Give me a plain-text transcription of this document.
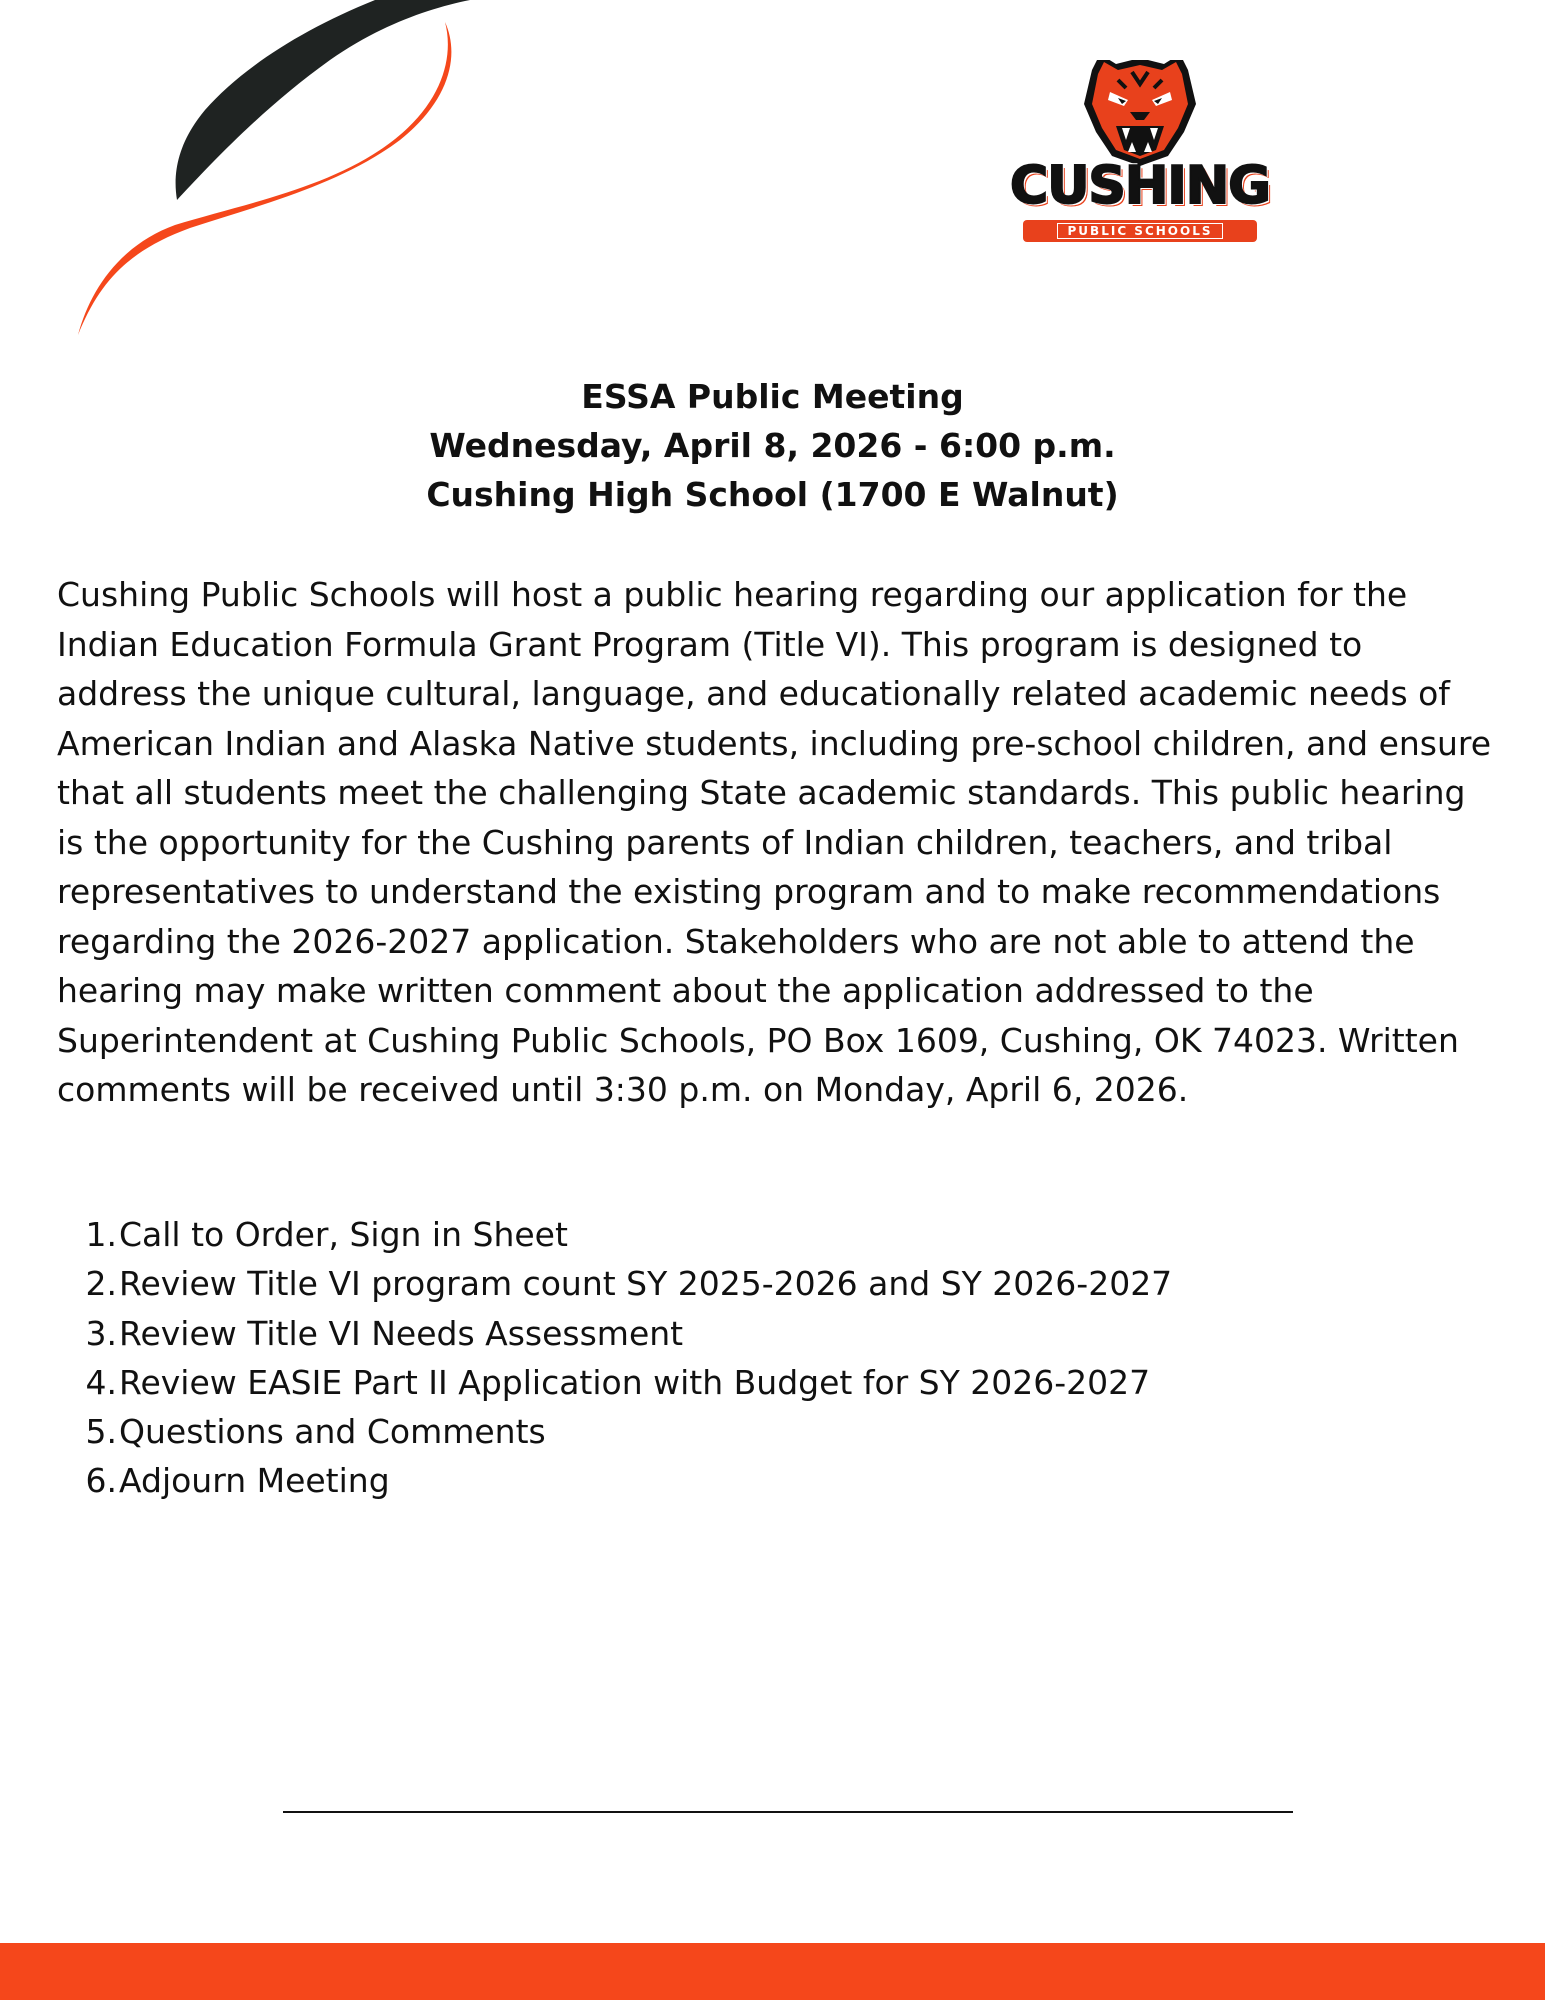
CUSHING
PUBLIC SCHOOLS
ESSA Public Meeting
Wednesday, April 8, 2026 - 6:00 p.m.
Cushing High School (1700 E Walnut)

Cushing Public Schools will host a public hearing regarding our application for the Indian Education Formula Grant Program (Title VI). This program is designed to address the unique cultural, language, and educationally related academic needs of American Indian and Alaska Native students, including pre-school children, and ensure that all students meet the challenging State academic standards. This public hearing is the opportunity for the Cushing parents of Indian children, teachers, and tribal representatives to understand the existing program and to make recommendations regarding the 2026-2027 application. Stakeholders who are not able to attend the hearing may make written comment about the application addressed to the Superintendent at Cushing Public Schools, PO Box 1609, Cushing, OK 74023. Written comments will be received until 3:30 p.m. on Monday, April 6, 2026.

1. Call to Order, Sign in Sheet
2. Review Title VI program count SY 2025-2026 and SY 2026-2027
3. Review Title VI Needs Assessment
4. Review EASIE Part II Application with Budget for SY 2026-2027
5. Questions and Comments
6. Adjourn Meeting
